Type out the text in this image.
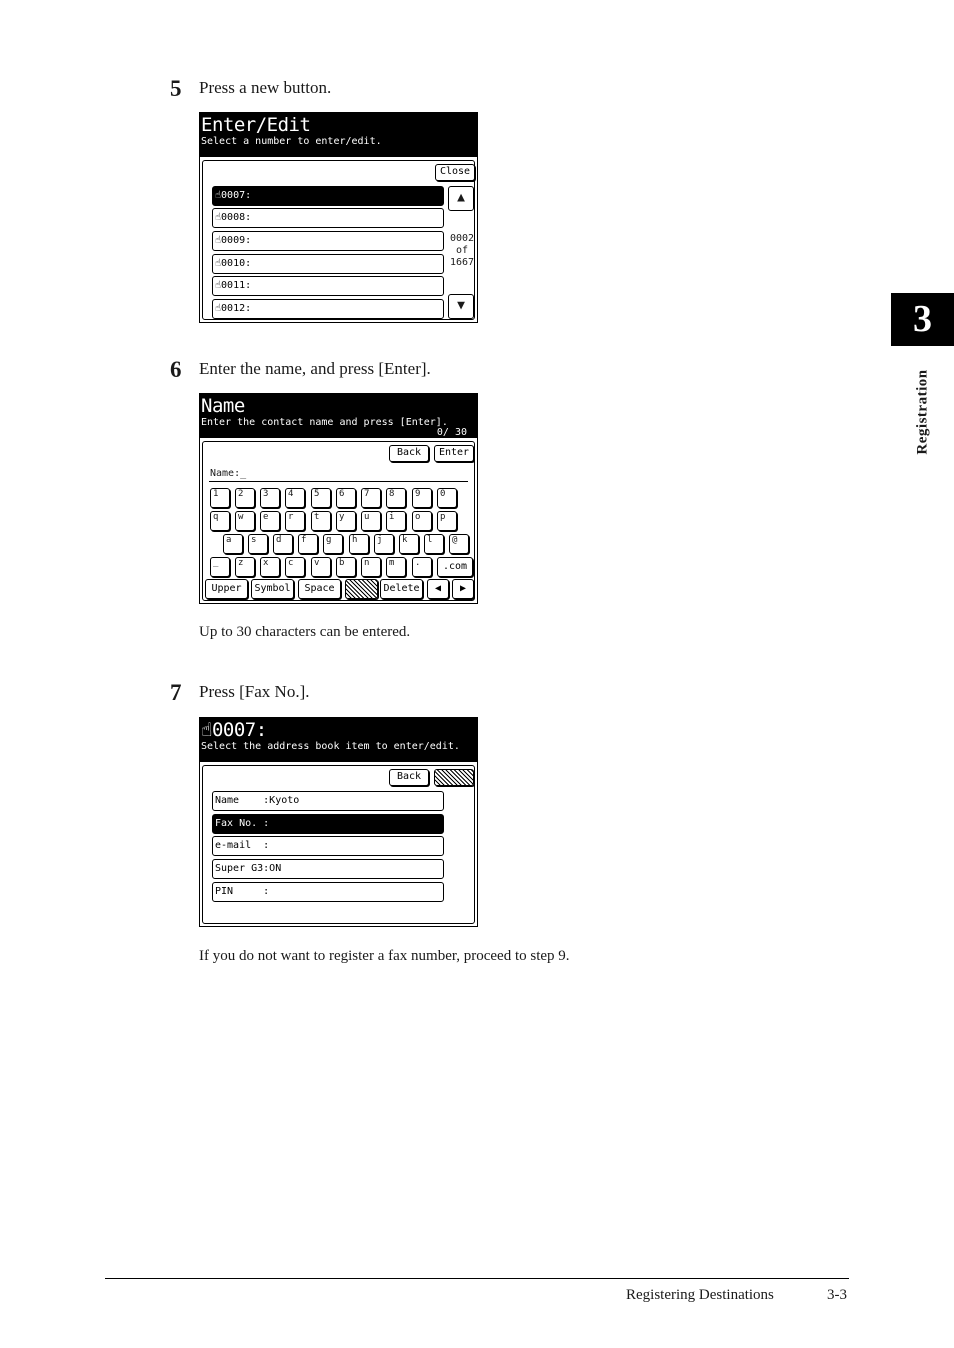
3
Registration
5 Press a new button.
Enter/Edit
Select a number to enter/edit.
Close
☝0007:
☝0008:
☝0009:
☝0010:
☝0011:
☝0012:
▲
0002
of
1667
▼
6 Enter the name, and press [Enter].
Name
Enter the contact name and press [Enter].
0/ 30
Back	Enter
Name:_
1	2	3	4	5	6	7	8	9	0
q	w	e	r	t	y	u	i	o	p
a	s	d	f	g	h	j	k	l	@
_	z	x	c	v	b	n	m	.	.com
Upper	Symbol	Space	Delete	◀	▶
Up to 30 characters can be entered.
7 Press [Fax No.].
☝0007:
Select the address book item to enter/edit.
Back
Name    :Kyoto
Fax No. :
e-mail  :
Super G3:ON
PIN     :
If you do not want to register a fax number, proceed to step 9.
Registering Destinations	3-3
